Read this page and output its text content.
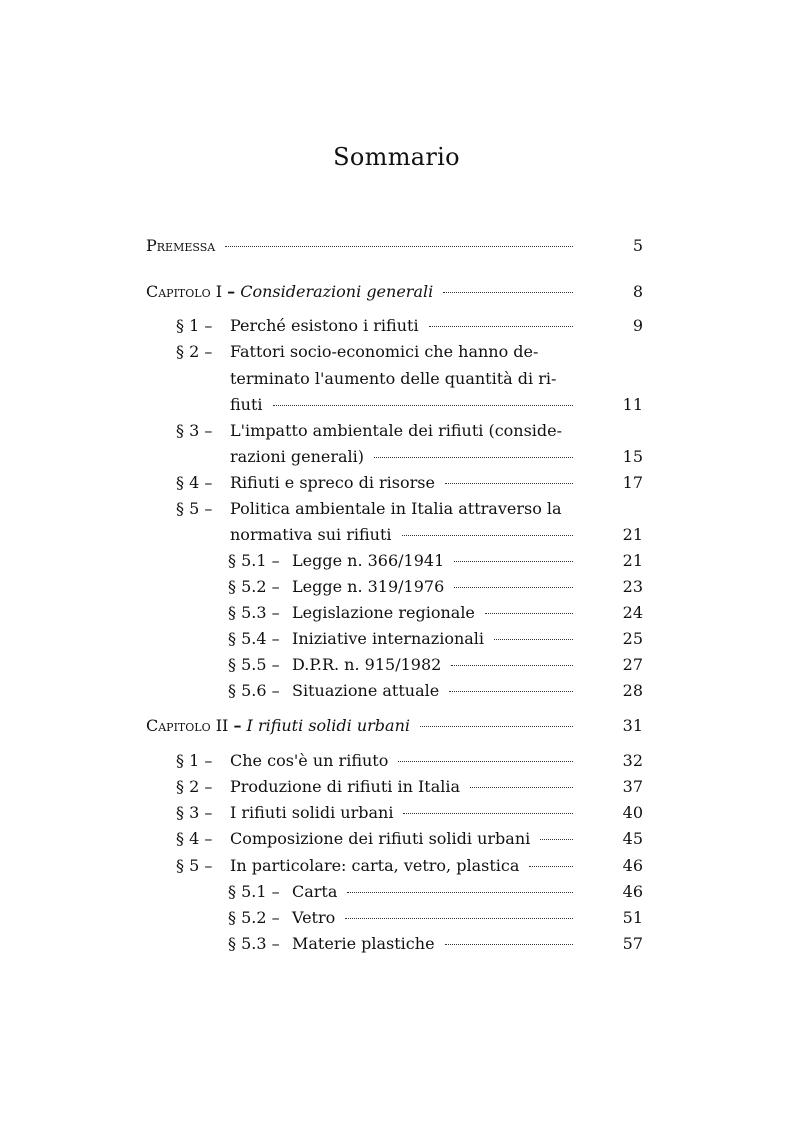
Sommario
Premessa	5
Capitolo I – Considerazioni generali	8
§ 1 – Perché esistono i rifiuti	9
§ 2 – Fattori socio-economici che hanno de-
terminato l'aumento delle quantità di ri-
fiuti	11
§ 3 – L'impatto ambientale dei rifiuti (conside-
razioni generali)	15
§ 4 – Rifiuti e spreco di risorse	17
§ 5 – Politica ambientale in Italia attraverso la
normativa sui rifiuti	21
§ 5.1 – Legge n. 366/1941	21
§ 5.2 – Legge n. 319/1976	23
§ 5.3 – Legislazione regionale	24
§ 5.4 – Iniziative internazionali	25
§ 5.5 – D.P.R. n. 915/1982	27
§ 5.6 – Situazione attuale	28
Capitolo II – I rifiuti solidi urbani	31
§ 1 – Che cos'è un rifiuto	32
§ 2 – Produzione di rifiuti in Italia	37
§ 3 – I rifiuti solidi urbani	40
§ 4 – Composizione dei rifiuti solidi urbani	45
§ 5 – In particolare: carta, vetro, plastica	46
§ 5.1 – Carta	46
§ 5.2 – Vetro	51
§ 5.3 – Materie plastiche	57
